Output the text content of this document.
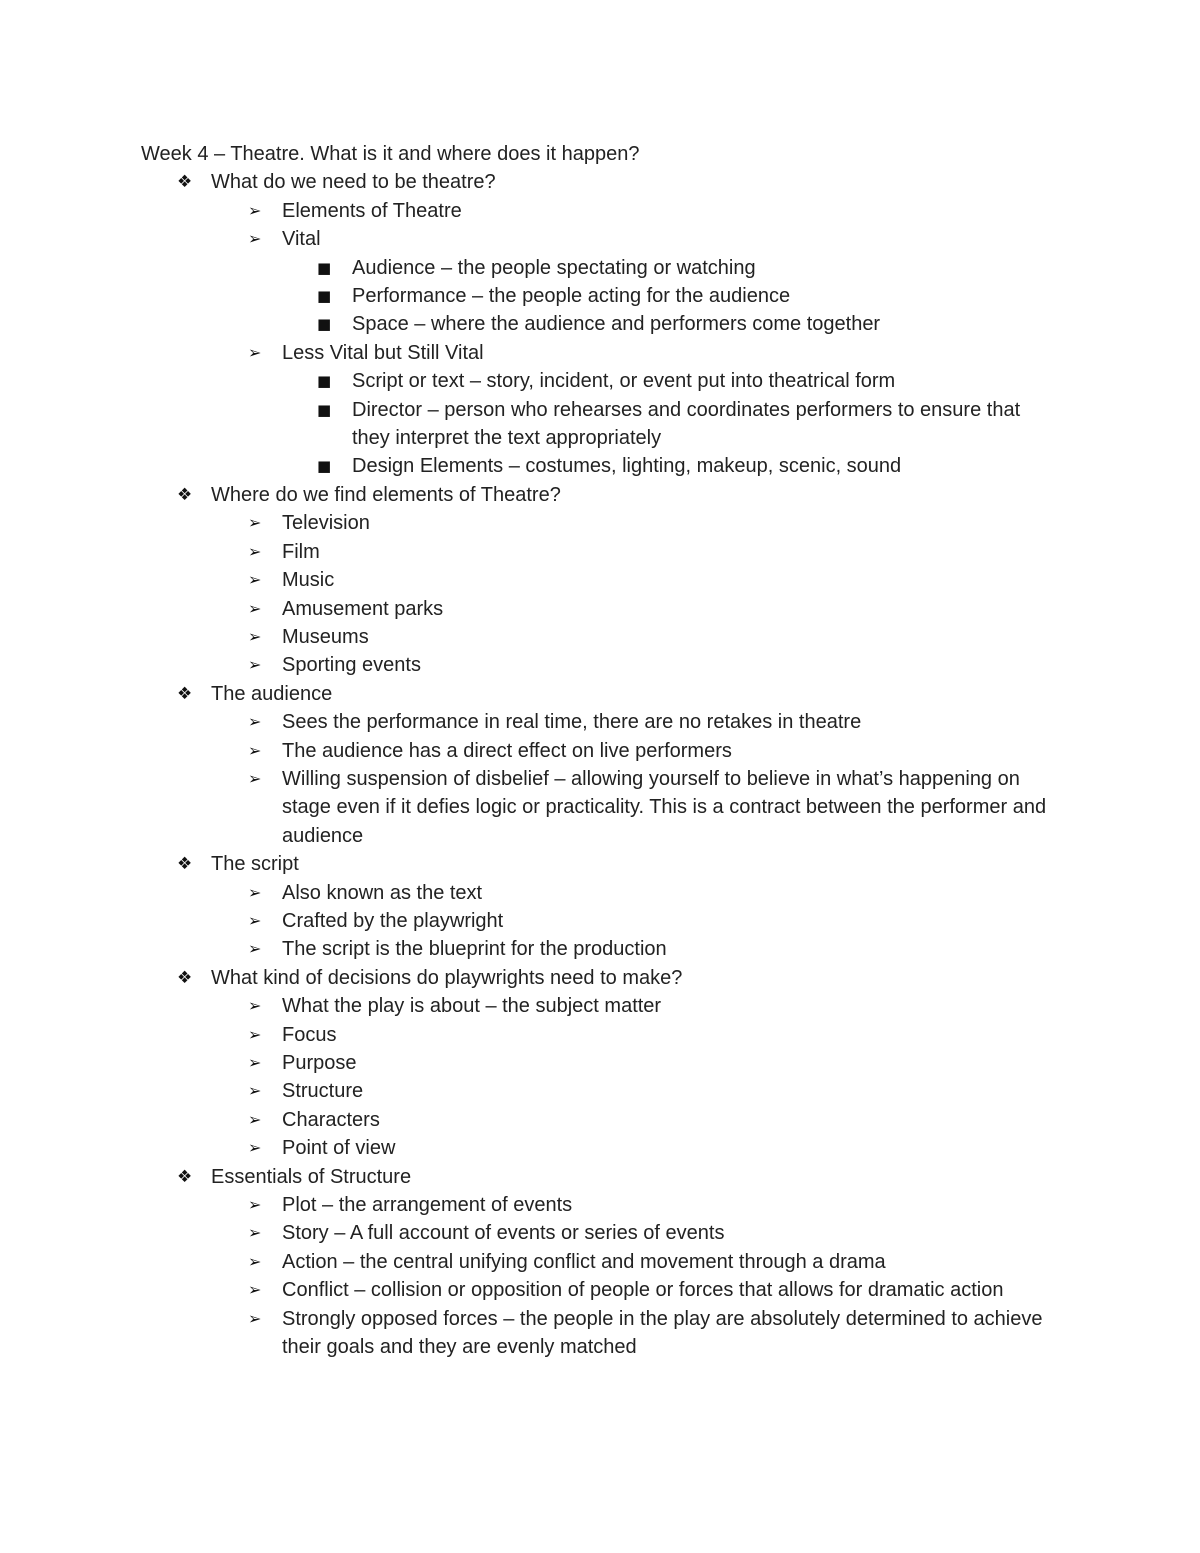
Week 4 – Theatre. What is it and where does it happen?
❖ What do we need to be theatre?
➢ Elements of Theatre
➢ Vital
■ Audience – the people spectating or watching
■ Performance – the people acting for the audience
■ Space – where the audience and performers come together
➢ Less Vital but Still Vital
■ Script or text – story, incident, or event put into theatrical form
■ Director – person who rehearses and coordinates performers to ensure that they interpret the text appropriately
■ Design Elements – costumes, lighting, makeup, scenic, sound
❖ Where do we find elements of Theatre?
➢ Television
➢ Film
➢ Music
➢ Amusement parks
➢ Museums
➢ Sporting events
❖ The audience
➢ Sees the performance in real time, there are no retakes in theatre
➢ The audience has a direct effect on live performers
➢ Willing suspension of disbelief – allowing yourself to believe in what’s happening on stage even if it defies logic or practicality. This is a contract between the performer and audience
❖ The script
➢ Also known as the text
➢ Crafted by the playwright
➢ The script is the blueprint for the production
❖ What kind of decisions do playwrights need to make?
➢ What the play is about – the subject matter
➢ Focus
➢ Purpose
➢ Structure
➢ Characters
➢ Point of view
❖ Essentials of Structure
➢ Plot – the arrangement of events
➢ Story – A full account of events or series of events
➢ Action – the central unifying conflict and movement through a drama
➢ Conflict – collision or opposition of people or forces that allows for dramatic action
➢ Strongly opposed forces – the people in the play are absolutely determined to achieve their goals and they are evenly matched
